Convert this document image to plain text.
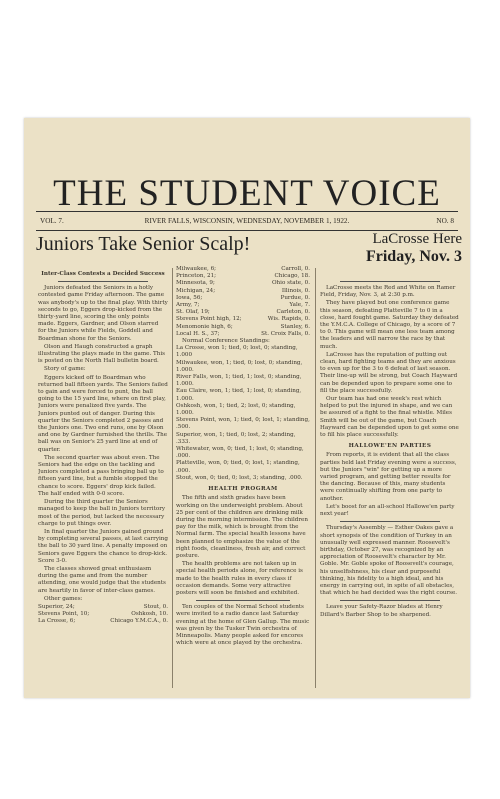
THE STUDENT VOICE
VOL. 7.	RIVER FALLS, WISCONSIN, WEDNESDAY, NOVEMBER 1, 1922.	NO. 8
Juniors Take Senior Scalp!	LaCrosse Here
Friday, Nov. 3
Inter-Class Contests a Decided Success

Juniors defeated the Seniors in a hotly contested game Friday afternoon. The game was anybody's up to the final play. With thirty seconds to go, Eggers drop-kicked from the thirty-yard line, scoring the only points made. Eggers, Gardner, and Olson starred for the Juniors while Fields, Goddell and Boardman shone for the Seniors.

Olson and Haugh constructed a graph illustrating the plays made in the game. This is posted on the North Hall bulletin board.

Story of game:

Eggers kicked off to Boardman who returned ball fifteen yards. The Seniors failed to gain and were forced to punt, the ball going to the 15 yard line, where on first play, Juniors were penalized five yards. The Juniors punted out of danger. During this quarter the Seniors completed 2 passes and the Juniors one. Two end runs, one by Olson and one by Gardner furnished the thrills. The ball was on Senior's 25 yard line at end of quarter.

The second quarter was about even. The Seniors had the edge on the tackling and Juniors completed a pass bringing ball up to fifteen yard line, but a fumble stopped the chance to score. Eggers' drop kick failed. The half ended with 0-0 score.

During the third quarter the Seniors managed to keep the ball in Juniors territory most of the period, but lacked the necessary charge to put things over.

In final quarter the Juniors gained ground by completing several passes, at last carrying the ball to 30 yard line. A penalty imposed on Seniors gave Eggers the chance to drop-kick. Score 3-0.

The classes showed great enthusiasm during the game and from the number attending, one would judge that the students are heartily in favor of inter-class games.

Other games:

Superior, 24;	Stout, 0.
Stevens Point, 10;	Oshkosh, 10.
La Crosse, 6;	Chicago Y.M.C.A., 0.
Milwaukee, 6;	Carroll, 0.
Princeton, 21;	Chicago, 18.
Minnesota, 9;	Ohio state, 0.
Michigan, 24;	Illinois, 0.
Iowa, 56;	Purdue, 0.
Army, 7;	Yale, 7.
St. Olaf, 19;	Carleton, 0.
Stevens Point high, 12;	Wis. Rapids, 0.
Menomonie high, 6;	Stanley, 6.
Local H. S., 37;	St. Croix Falls, 0.

Normal Conference Standings:

La Crosse, won 1; tied, 0; lost, 0; standing, 1.000

Milwaukee, won, 1; tied, 0; lost, 0; standing, 1.000.

River Falls, won, 1; tied, 1; lost, 0; standing, 1.000.

Eau Claire, won, 1; tied, 1; lost, 0; standing, 1.000.

Oshkosh, won, 1; tied, 2; lost, 0; standing, 1.000.

Stevens Point, won, 1; tied, 0; lost, 1; standing, .500.

Superior, won, 1; tied, 0; lost, 2; standing, .333.

Whitewater, won, 0; tied, 1; lost, 0; standing, .000.

Platteville, won, 0; tied, 0; lost, 1; standing, .000.

Stout, won, 0; tied, 0; lost, 3; standing, .000.

HEALTH PROGRAM

The fifth and sixth grades have been working on the underweight problem. About 25 per cent of the children are drinking milk during the morning intermission. The children pay for the milk, which is brought from the Normal farm. The special health lessons have been planned to emphasize the value of the right foods, cleanliness, fresh air, and correct posture.

The health problems are not taken up in special health periods alone, for reference is made to the health rules in every class if occasion demands. Some very attractive posters will soon be finished and exhibited.

Ten couples of the Normal School students were invited to a radio dance last Saturday evening at the home of Glen Gallup. The music was given by the Tusker Twin orchestra of Minneapolis. Many people asked for encores which were at once played by the orchestra.

LaCrosse meets the Red and White on Ramer Field, Friday, Nov. 3, at 2:30 p.m.

They have played but one conference game this season, defeating Platteville 7 to 0 in a close, hard fought game. Saturday they defeated the Y.M.C.A. College of Chicago, by a score of 7 to 0. This game will mean one less team among the leaders and will narrow the race by that much.

LaCrosse has the reputation of putting out clean, hard fighting teams and they are anxious to even up for the 3 to 6 defeat of last season. Their line-up will be strong, but Coach Hayward can be depended upon to prepare some one to fill the place successfully.

Our team has had one week's rest which helped to put the injured in shape, and we can be assured of a fight to the final whistle. Miles Smith will be out of the game, but Coach Hayward can be depended upon to get some one to fill his place successfully.

HALLOWE'EN PARTIES

From reports, it is evident that all the class parties held last Friday evening were a success, but the Juniors "win" for getting up a more varied program, and getting better results for the dancing. Because of this, many students were continually shifting from one party to another.

Let's boost for an all-school Hallowe'en party next year!

Thursday's Assembly — Esther Oakes gave a short synopsis of the condition of Turkey in an unusually well expressed manner. Roosevelt's birthday, October 27, was recognized by an appreciation of Roosevelt's character by Mr. Goble. Mr. Goble spoke of Roosevelt's courage, his unselfishness, his clear and purposeful thinking, his fidelity to a high ideal, and his energy in carrying out, in spite of all obstacles, that which he had decided was the right course.

Leave your Safety-Razor blades at Henry Dillard's Barber Shop to be sharpened.
